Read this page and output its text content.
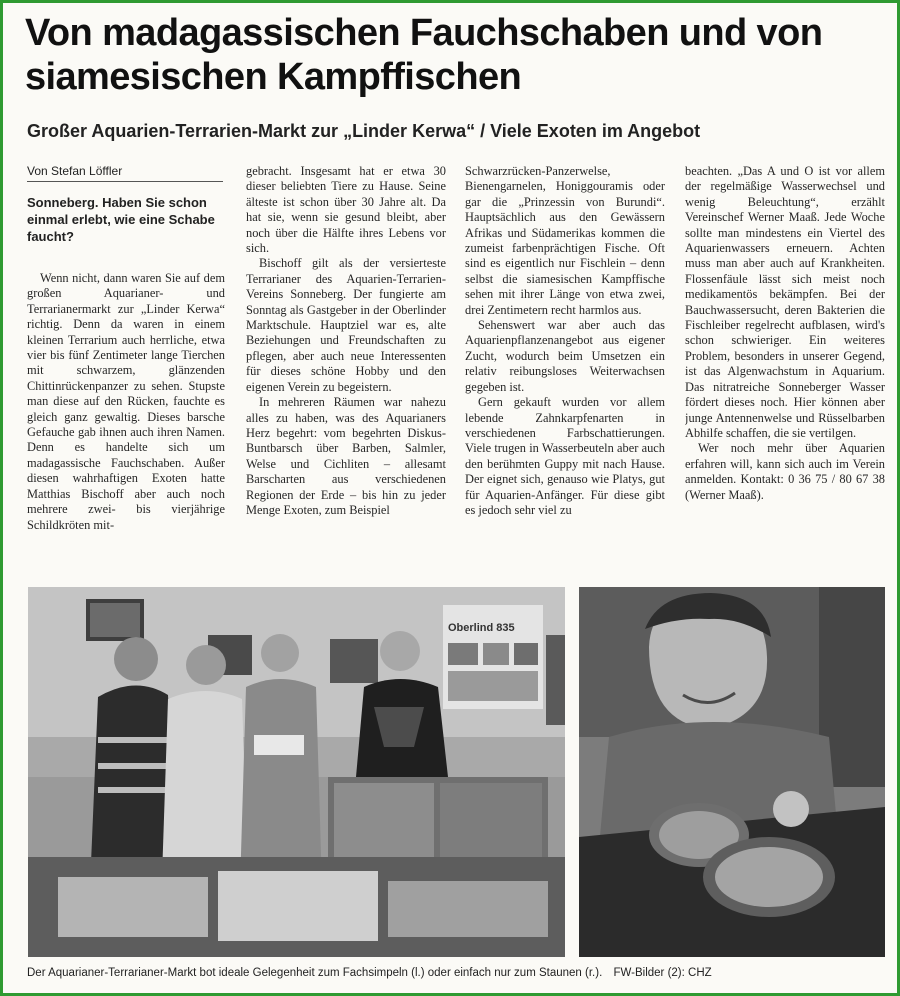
Von madagassischen Fauchschaben und von siamesischen Kampffischen
Großer Aquarien-Terrarien-Markt zur „Linder Kerwa“ / Viele Exoten im Angebot
Von Stefan Löffler
Sonneberg. Haben Sie schon einmal erlebt, wie eine Schabe faucht?

Wenn nicht, dann waren Sie auf dem großen Aquarianer- und Terrarianermarkt zur „Linder Kerwa“ richtig. Denn da waren in einem kleinen Terrarium auch herrliche, etwa vier bis fünf Zentimeter lange Tierchen mit schwarzem, glänzenden Chittinrückenpanzer zu sehen. Stupste man diese auf den Rücken, fauchte es gleich ganz gewaltig. Dieses barsche Gefauche gab ihnen auch ihren Namen. Denn es handelte sich um madagassische Fauchschaben. Außer diesen wahrhaftigen Exoten hatte Matthias Bischoff aber auch noch mehrere zwei- bis vierjährige Schildkröten mit-

gebracht. Insgesamt hat er etwa 30 dieser beliebten Tiere zu Hause. Seine älteste ist schon über 30 Jahre alt. Da hat sie, wenn sie gesund bleibt, aber noch über die Hälfte ihres Lebens vor sich.

Bischoff gilt als der versierteste Terrarianer des Aquarien-Terrarien-Vereins Sonneberg. Der fungierte am Sonntag als Gastgeber in der Oberlinder Marktschule. Hauptziel war es, alte Beziehungen und Freundschaften zu pflegen, aber auch neue Interessenten für dieses schöne Hobby und den eigenen Verein zu begeistern.

In mehreren Räumen war nahezu alles zu haben, was des Aquarianers Herz begehrt: vom begehrten Diskus-Buntbarsch über Barben, Salmler, Welse und Cichliten – allesamt Barscharten aus verschiedenen Regionen der Erde – bis hin zu jeder Menge Exoten, zum Beispiel

Schwarzrücken-Panzerwelse, Bienengarnelen, Honiggouramis oder gar die „Prinzessin von Burundi“. Hauptsächlich aus den Gewässern Afrikas und Südamerikas kommen die zumeist farbenprächtigen Fische. Oft sind es eigentlich nur Fischlein – denn selbst die siamesischen Kampffische sehen mit ihrer Länge von etwa zwei, drei Zentimetern recht harmlos aus.

Sehenswert war aber auch das Aquarienpflanzenangebot aus eigener Zucht, wodurch beim Umsetzen ein relativ reibungsloses Weiterwachsen gegeben ist.

Gern gekauft wurden vor allem lebende Zahnkarpfenarten in verschiedenen Farbschattierungen. Viele trugen in Wasserbeuteln aber auch den berühmten Guppy mit nach Hause. Der eignet sich, genauso wie Platys, gut für Aquarien-Anfänger. Für diese gibt es jedoch sehr viel zu

beachten. „Das A und O ist vor allem der regelmäßige Wasserwechsel und wenig Beleuchtung“, erzählt Vereinschef Werner Maaß. Jede Woche sollte man mindestens ein Viertel des Aquarienwassers erneuern. Achten muss man aber auch auf Krankheiten. Flossenfäule lässt sich meist noch medikamentös bekämpfen. Bei der Bauchwassersucht, deren Bakterien die Fischleiber regelrecht aufblasen, wird's schon schwieriger. Ein weiteres Problem, besonders in unserer Gegend, ist das Algenwachstum in Aquarium. Das nitratreiche Sonneberger Wasser fördert dieses noch. Hier können aber junge Antennenwelse und Rüsselbarben Abhilfe schaffen, die sie vertilgen.

Wer noch mehr über Aquarien erfahren will, kann sich auch im Verein anmelden. Kontakt: 0 36 75 / 80 67 38 (Werner Maaß).

Oberlind 835
Der Aquarianer-Terrarianer-Markt bot ideale Gelegenheit zum Fachsimpeln (l.) oder einfach nur zum Staunen (r.). FW-Bilder (2): CHZ
